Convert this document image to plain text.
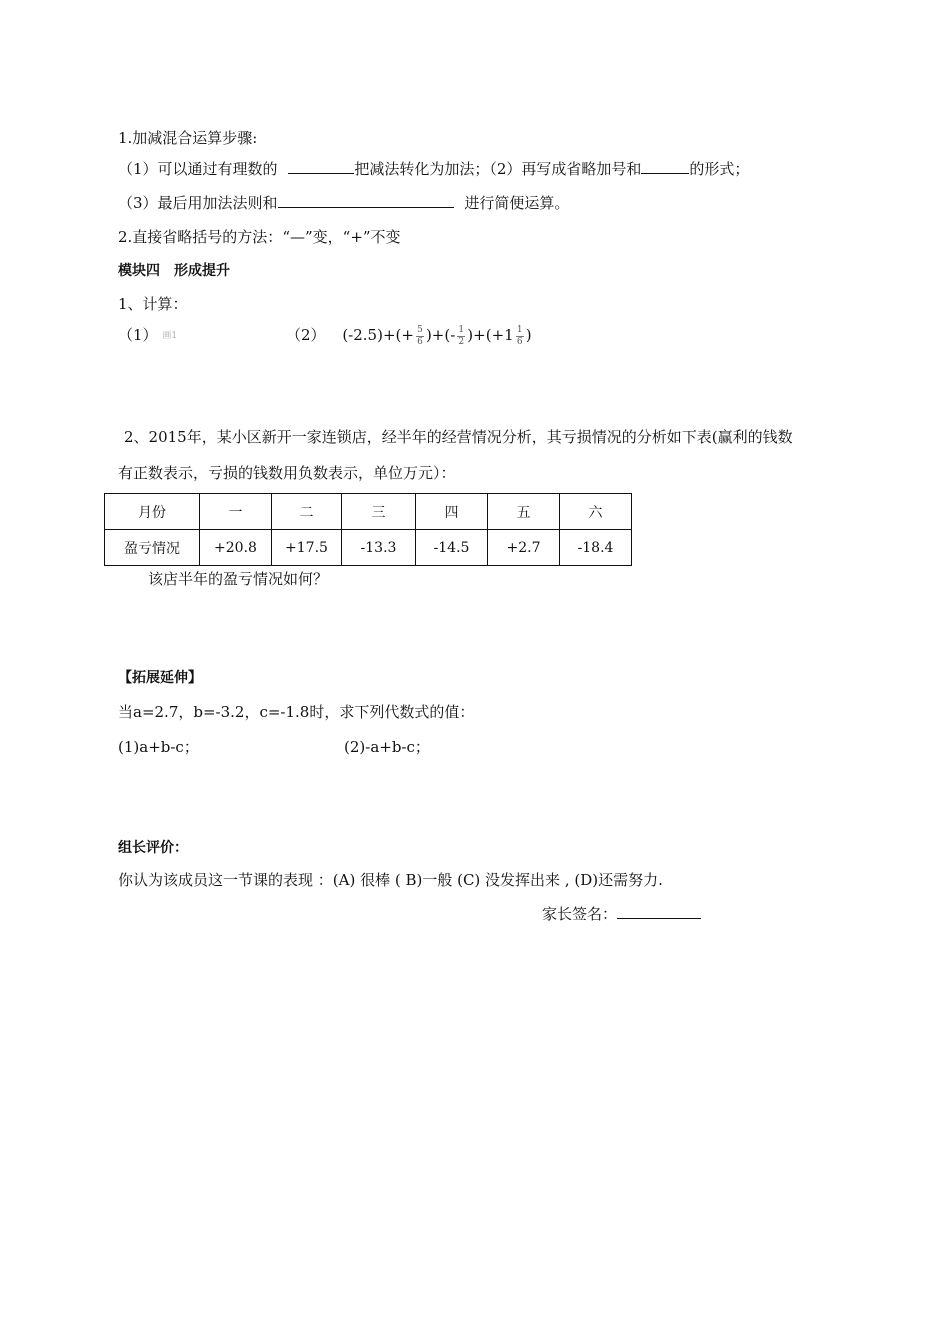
1.加减混合运算步骤:
（1）可以通过有理数的	把减法转化为加法；（2）再写成省略加号和	的形式；
（3）最后用加法法则和	进行简便运算。
2.直接省略括号的方法：“—”变，“+”不变
模块四　形成提升
1、计算：
（1） 画1	（2） $(-2.5)+(+ \frac{5}{6}$ )+(- $\frac{1}{2} )+(+1 \frac{1}{6}$ )
2、2015年，某小区新开一家连锁店，经半年的经营情况分析，其亏损情况的分析如下表(赢利的钱数
有正数表示，亏损的钱数用负数表示，单位万元）：
月份	一	二	三	四	五	六
盈亏情况	+20.8	+17.5	-13.3	-14.5	+2.7	-18.4
该店半年的盈亏情况如何？
【拓展延伸】
当a=2.7，b=-3.2，c=-1.8时，求下列代数式的值：
(1)a+b-c；	(2)-a+b-c；
组长评价：
你认为该成员这一节课的表现 ：(A) 很棒 ( B)一般 (C) 没发挥出来 , (D)还需努力.
家长签名：
